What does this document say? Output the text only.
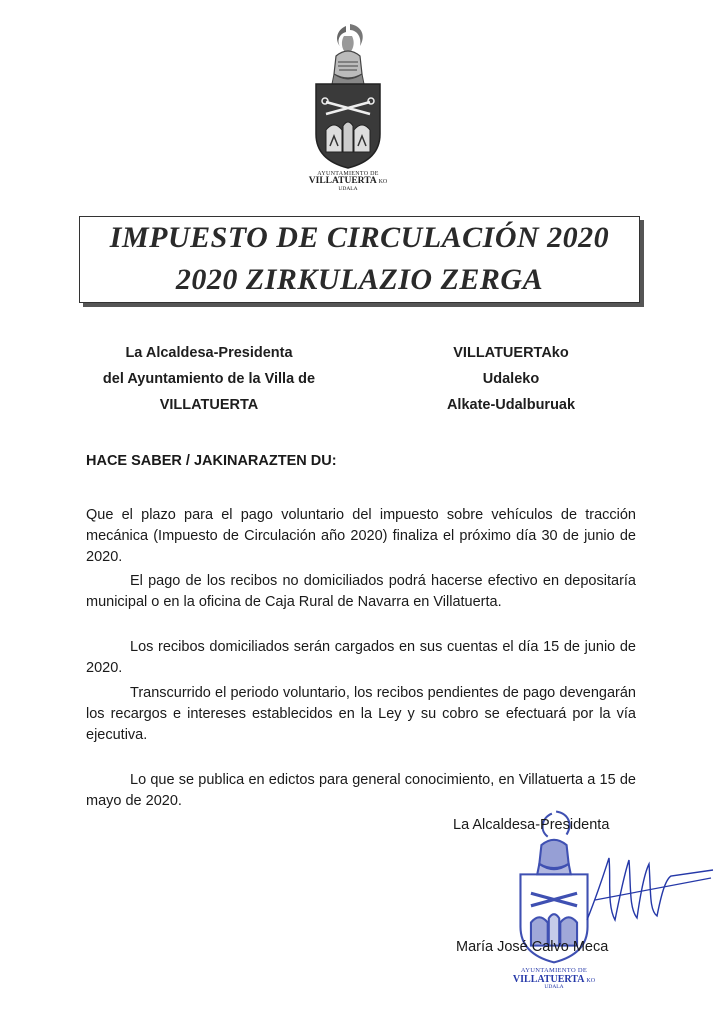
AYUNTAMIENTO DE
VILLATUERTA KO
UDALA
IMPUESTO DE CIRCULACIÓN 2020
2020 ZIRKULAZIO ZERGA
La Alcaldesa-Presidenta
del Ayuntamiento de la Villa de
VILLATUERTA
VILLATUERTAko
Udaleko
Alkate-Udalburuak
HACE SABER / JAKINARAZTEN DU:

Que el plazo para el pago voluntario del impuesto sobre vehículos de tracción mecánica (Impuesto de Circulación año 2020) finaliza el próximo día 30 de junio de 2020.

El pago de los recibos no domiciliados podrá hacerse efectivo en depositaría municipal o en la oficina de Caja Rural de Navarra en Villatuerta.

Los recibos domiciliados serán cargados en sus cuentas el día 15 de junio de 2020.

Transcurrido el periodo voluntario, los recibos pendientes de pago devengarán los recargos e intereses establecidos en la Ley y su cobro se efectuará por la vía ejecutiva.

Lo que se publica en edictos para general conocimiento, en Villatuerta a 15 de mayo de 2020.

La Alcaldesa-Presidenta
María José Calvo Meca
AYUNTAMIENTO DE
VILLATUERTA KO
UDALA
